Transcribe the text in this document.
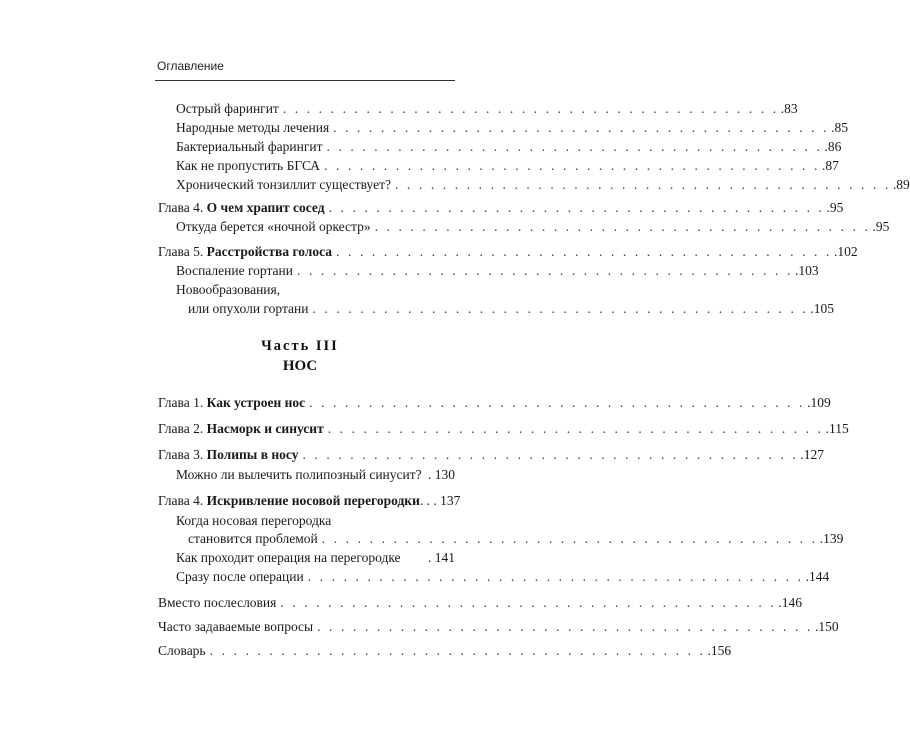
Оглавление
Острый фарингит . . . . . . . . . . . . . . . . . . . . . . . . . . . . . . . . . . . . . . . . . . .83
Народные методы лечения . . . . . . . . . . . . . . . . . . . . . . . . . . . . . . . . . . . . . . . . . . .85
Бактериальный фарингит . . . . . . . . . . . . . . . . . . . . . . . . . . . . . . . . . . . . . . . . . . .86
Как не пропустить БГСА . . . . . . . . . . . . . . . . . . . . . . . . . . . . . . . . . . . . . . . . . . .87
Хронический тонзиллит существует? . . . . . . . . . . . . . . . . . . . . . . . . . . . . . . . . . . . . . . . . . . .89
Глава 4. О чем храпит сосед . . . . . . . . . . . . . . . . . . . . . . . . . . . . . . . . . . . . . . . . . . .95
Откуда берется «ночной оркестр» . . . . . . . . . . . . . . . . . . . . . . . . . . . . . . . . . . . . . . . . . . .95
Глава 5. Расстройства голоса . . . . . . . . . . . . . . . . . . . . . . . . . . . . . . . . . . . . . . . . . . .102
Воспаление гортани . . . . . . . . . . . . . . . . . . . . . . . . . . . . . . . . . . . . . . . . . . .103
Новообразования,
или опухоли гортани . . . . . . . . . . . . . . . . . . . . . . . . . . . . . . . . . . . . . . . . . . .105
Часть III
НОС
Глава 1. Как устроен нос . . . . . . . . . . . . . . . . . . . . . . . . . . . . . . . . . . . . . . . . . . .109
Глава 2. Насморк и синусит . . . . . . . . . . . . . . . . . . . . . . . . . . . . . . . . . . . . . . . . . . .115
Глава 3. Полипы в носу . . . . . . . . . . . . . . . . . . . . . . . . . . . . . . . . . . . . . . . . . . .127
Можно ли вылечить полипозный синусит? . 130
Глава 4. Искривление носовой перегородки . . . 137
Когда носовая перегородка
становится проблемой . . . . . . . . . . . . . . . . . . . . . . . . . . . . . . . . . . . . . . . . . . .139
Как проходит операция на перегородке . 141
Сразу после операции . . . . . . . . . . . . . . . . . . . . . . . . . . . . . . . . . . . . . . . . . . .144
Вместо послесловия . . . . . . . . . . . . . . . . . . . . . . . . . . . . . . . . . . . . . . . . . . .146
Часто задаваемые вопросы . . . . . . . . . . . . . . . . . . . . . . . . . . . . . . . . . . . . . . . . . . .150
Словарь . . . . . . . . . . . . . . . . . . . . . . . . . . . . . . . . . . . . . . . . . . .156
